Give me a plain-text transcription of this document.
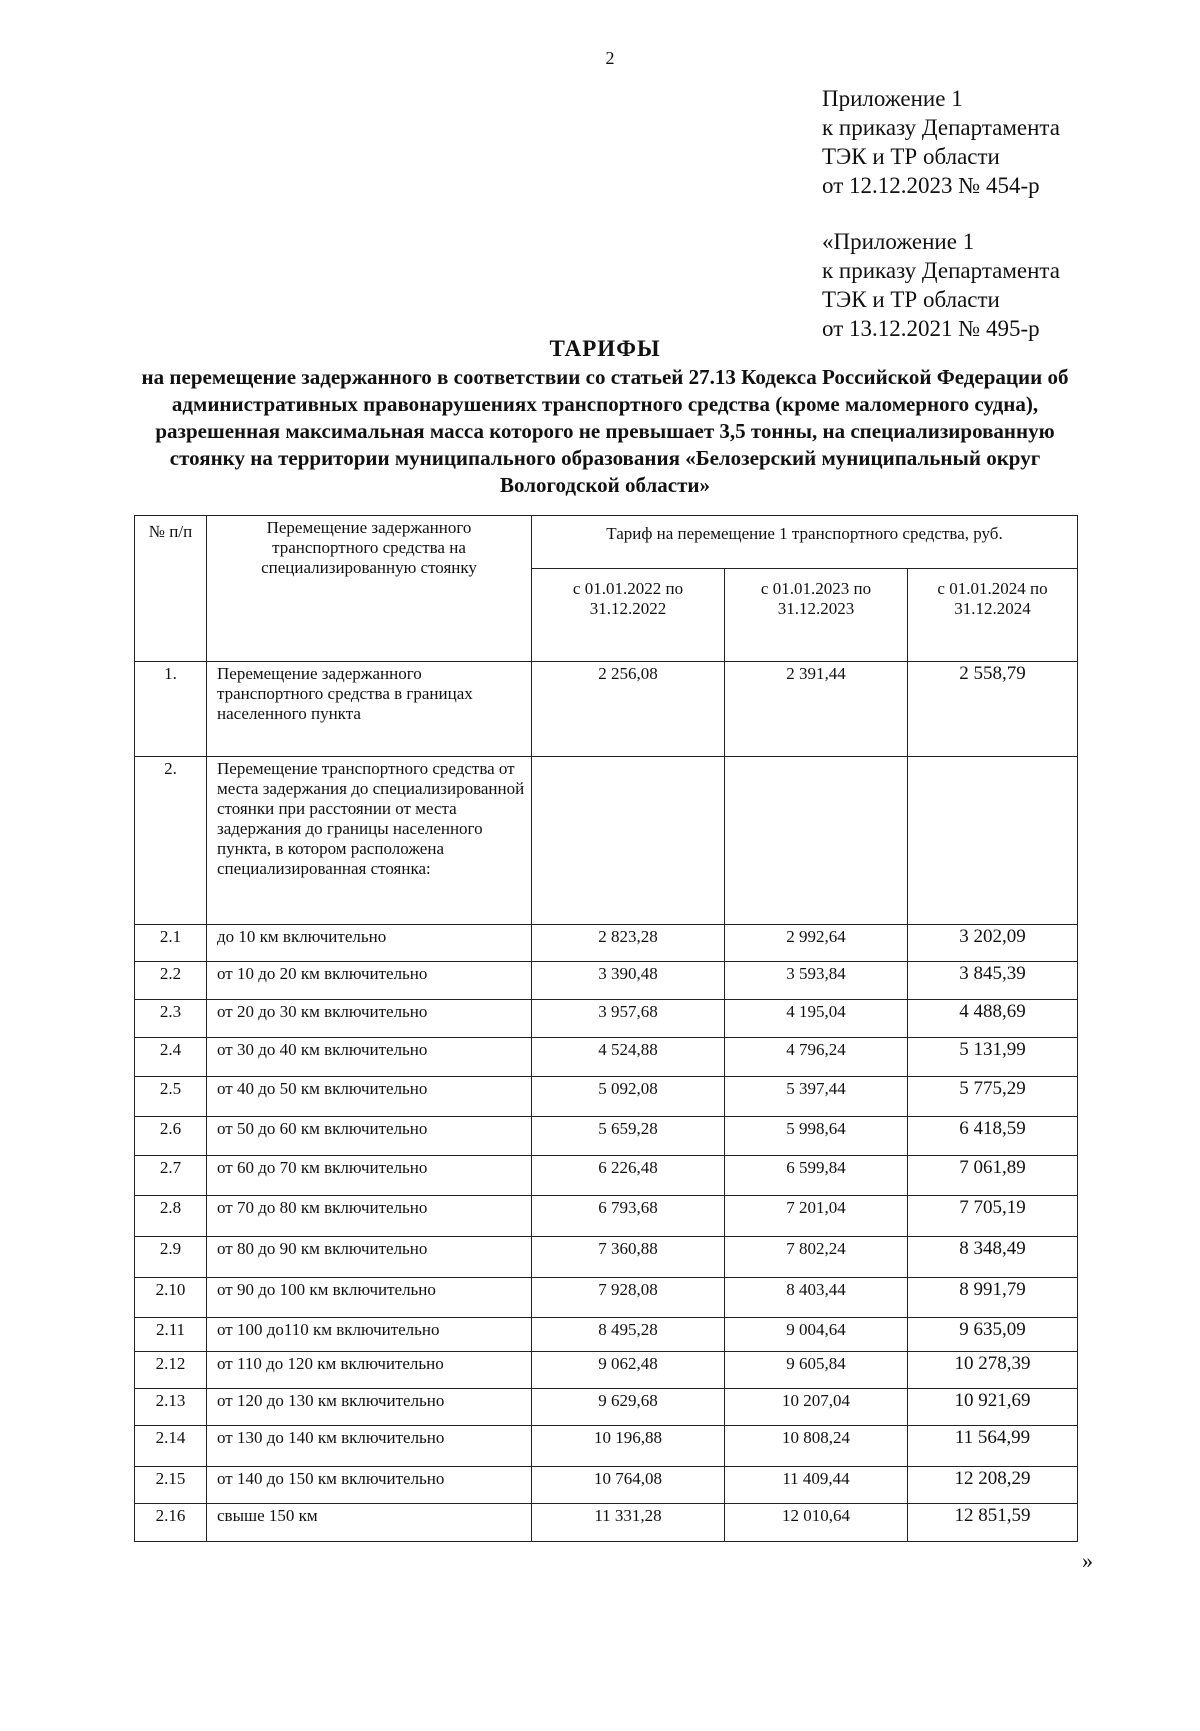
2
Приложение 1
к приказу Департамента
ТЭК и ТР области
от 12.12.2023 № 454-р
«Приложение 1
к приказу Департамента
ТЭК и ТР области
от 13.12.2021 № 495-р
ТАРИФЫ
на перемещение задержанного в соответствии со статьей 27.13 Кодекса Российской Федерации об административных правонарушениях транспортного средства (кроме маломерного судна), разрешенная максимальная масса которого не превышает 3,5 тонны, на специализированную стоянку на территории муниципального образования «Белозерский муниципальный округ Вологодской области»
№ п/п	Перемещение задержанного транспортного средства на специализированную стоянку	Тариф на перемещение 1 транспортного средства, руб.		
		с 01.01.2022 по 31.12.2022	с 01.01.2023 по 31.12.2023	с 01.01.2024 по 31.12.2024
1.	Перемещение задержанного транспортного средства в границах населенного пункта	2 256,08	2 391,44	2 558,79
2.	Перемещение транспортного средства от места задержания до специализированной стоянки при расстоянии от места задержания до границы населенного пункта, в котором расположена специализированная стоянка:			
2.1	до 10 км включительно	2 823,28	2 992,64	3 202,09
2.2	от 10 до 20 км включительно	3 390,48	3 593,84	3 845,39
2.3	от 20 до 30 км включительно	3 957,68	4 195,04	4 488,69
2.4	от 30 до 40 км включительно	4 524,88	4 796,24	5 131,99
2.5	от 40 до 50 км включительно	5 092,08	5 397,44	5 775,29
2.6	от 50 до 60 км включительно	5 659,28	5 998,64	6 418,59
2.7	от 60 до 70 км включительно	6 226,48	6 599,84	7 061,89
2.8	от 70 до 80 км включительно	6 793,68	7 201,04	7 705,19
2.9	от 80 до 90 км включительно	7 360,88	7 802,24	8 348,49
2.10	от 90 до 100 км включительно	7 928,08	8 403,44	8 991,79
2.11	от 100 до110 км включительно	8 495,28	9 004,64	9 635,09
2.12	от 110 до 120 км включительно	9 062,48	9 605,84	10 278,39
2.13	от 120 до 130 км включительно	9 629,68	10 207,04	10 921,69
2.14	от 130 до 140 км включительно	10 196,88	10 808,24	11 564,99
2.15	от 140 до 150 км включительно	10 764,08	11 409,44	12 208,29
2.16	свыше 150 км	11 331,28	12 010,64	12 851,59
»
